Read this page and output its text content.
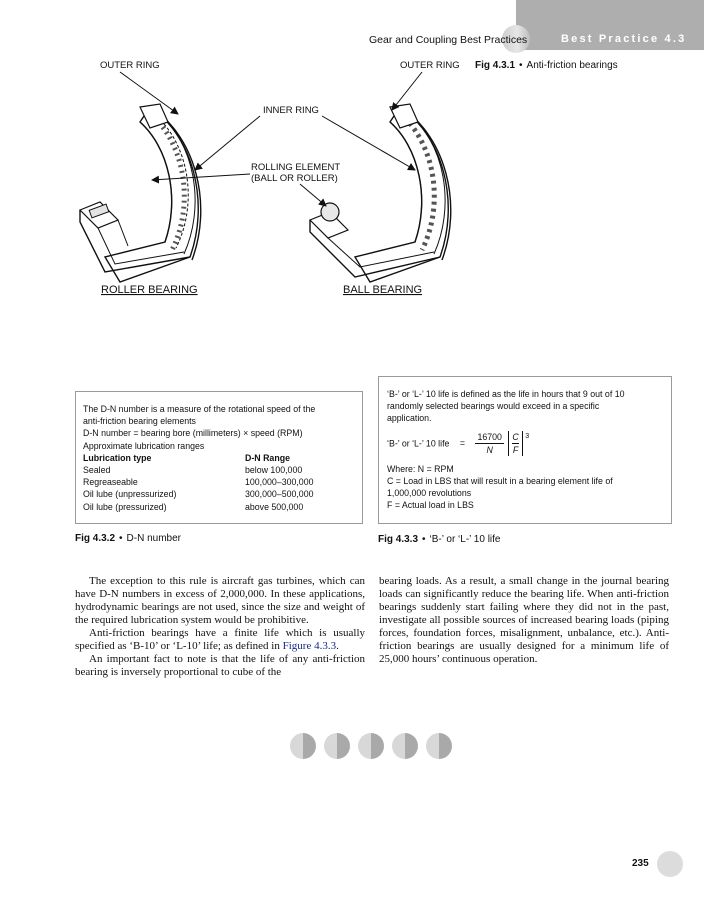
Gear and Coupling Best Practices	Best Practice 4.3
Fig 4.3.1 • Anti-friction bearings
OUTER RING	OUTER RING
INNER RING
ROLLING ELEMENT
(BALL OR ROLLER)
ROLLER BEARING	BALL BEARING
The D-N number is a measure of the rotational speed of the
anti-friction bearing elements
D-N number = bearing bore (millimeters) × speed (RPM)
Approximate lubrication ranges
Lubrication type	D-N Range
Sealed	below 100,000
Regreaseable	100,000–300,000
Oil lube (unpressurized)	300,000–500,000
Oil lube (pressurized)	above 500,000
‘B-’ or ‘L-’ 10 life is defined as the life in hours that 9 out of 10
randomly selected bearings would exceed in a specific
application.
‘B-’ or ‘L-’ 10 life = $\frac{16700}{N}$
$\frac{C}{F} ^3$
Where: N = RPM
C = Load in LBS that will result in a bearing element life of
1,000,000 revolutions
F = Actual load in LBS
Fig 4.3.2 • D-N number	Fig 4.3.3 • ‘B-’ or ‘L-’ 10 life

The exception to this rule is aircraft gas turbines, which can have D-N numbers in excess of 2,000,000. In these applications, hydrodynamic bearings are not used, since the size and weight of the required lubrication system would be prohibitive.

Anti-friction bearings have a finite life which is usually specified as ‘B-10’ or ‘L-10’ life; as defined in Figure 4.3.3.

An important fact to note is that the life of any anti-friction bearing is inversely proportional to cube of the

bearing loads. As a result, a small change in the journal bearing loads can significantly reduce the bearing life. When anti-friction bearings suddenly start failing where they did not in the past, investigate all possible sources of increased bearing loads (piping forces, foundation forces, misalignment, unbalance, etc.). Anti-friction bearings are usually designed for a minimum life of 25,000 hours’ continuous operation.

235
